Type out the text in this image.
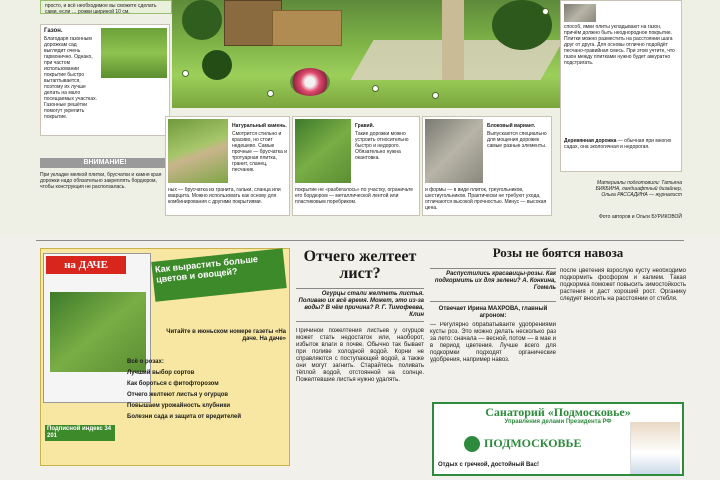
просто, и всё необходимое вы сможете сделать сами, если … рожки шириной 10 см.
Газон.
Благодаря газонным дорожкам сад выглядит очень гармонично. Однако, при частом использовании покрытие быстро вытаптывается, поэтому их лучше делать на мало посещаемых участках. Газонные решётки помогут укрепить покрытие.
ВНИМАНИЕ!
При укладке мелкой плитки, брусчатки и камня края дорожки надо обязательно закреплять бордюром, чтобы конструкция не расползалась.
Натуральный камень.
Смотрится стильно и красиво, но стоит недешево. Самые прочные — брусчатка и тротуарная плитка, гранит, сланец, песчаник.
ных — брусчатка из гранита, гальки, сланца или кварцита. Можно использовать как основу для комбинирования с другими покрытиями.
Гравий.
Такие дорожки можно устроить относительно быстро и недорого. Обязательно нужна окантовка.
покрытие не «разбегалось» по участку, ограничьте его бордюром — металлической лентой или пластиковым поребриком.
Блоковый вариант.
Выпускаются специально для мощения дорожек самые разные элементы.
и формы — в виде плиток, треугольников, шестиугольников. Практически не требуют ухода, отличаются высокой прочностью. Минус — высокая цена.
способ, ямки плиты укладывают на газон, причём должно быть неоднородное покрытие. Плитки можно разместить на расстоянии шага друг от друга. Для основы отлично подойдёт песчано-гравийная смесь. При этом учтите, что газон между плитками нужно будет аккуратно подстригать.
Деревянная дорожка — обычная при многих садах, она экологичная и недорогая.
Материалы подготовили: Татьяна БИКБИНА, ландшафтный дизайнер, Ольга РАССАДИНА — журналист
Фото авторов и Ольги БУРИКОВОЙ
на ДАЧЕ	Как вырастить больше цветов и овощей?
Читайте в июньском номере газеты «На даче. На даче»
Всё о розах:
Лучший выбор сортов
Как бороться с фитофторозом
Отчего желтеют листья у огурцов
Повышаем урожайность клубники
Болезни сада и защита от вредителей
Подписной индекс 34 201
Отчего желтеет лист?
Огурцы стали желтеть листья. Поливаю их всё время. Может, это из-за воды? В чём причина? Р. Г. Тимофеева, Клин
Причиной пожелтения листьев у огурцов может стать недостаток или, наоборот, избыток влаги в почве. Обычно так бывает при поливе холодной водой. Корни не справляются с поступающей водой, а также они могут загнить. Старайтесь поливать тёплой водой, отстоянной на солнце. Пожелтевшие листья нужно удалять.
Розы не боятся навоза
Распустились красавицы-розы. Как подкормить их для зелени? А. Конкина, Гомель
Отвечает Ирина МАХРОВА, главный агроном:
— Регулярно обрабатывайте удобрениями кусты роз. Это можно делать несколько раз за лето: сначала — весной, потом — в мае и в период цветения. Лучше всего для подкормки подходят органические удобрения, например навоз.
после цветения взрослую кусту необходимо подкормить фосфором и калием. Такая подкормка поможет повысить зимостойкость растения и даст хороший рост. Органику следует вносить на расстоянии от стебля.
Санаторий «Подмосковье»
Управления делами Президента РФ
ПОДМОСКОВЬЕ
Отдых с гречкой, достойный Вас!
